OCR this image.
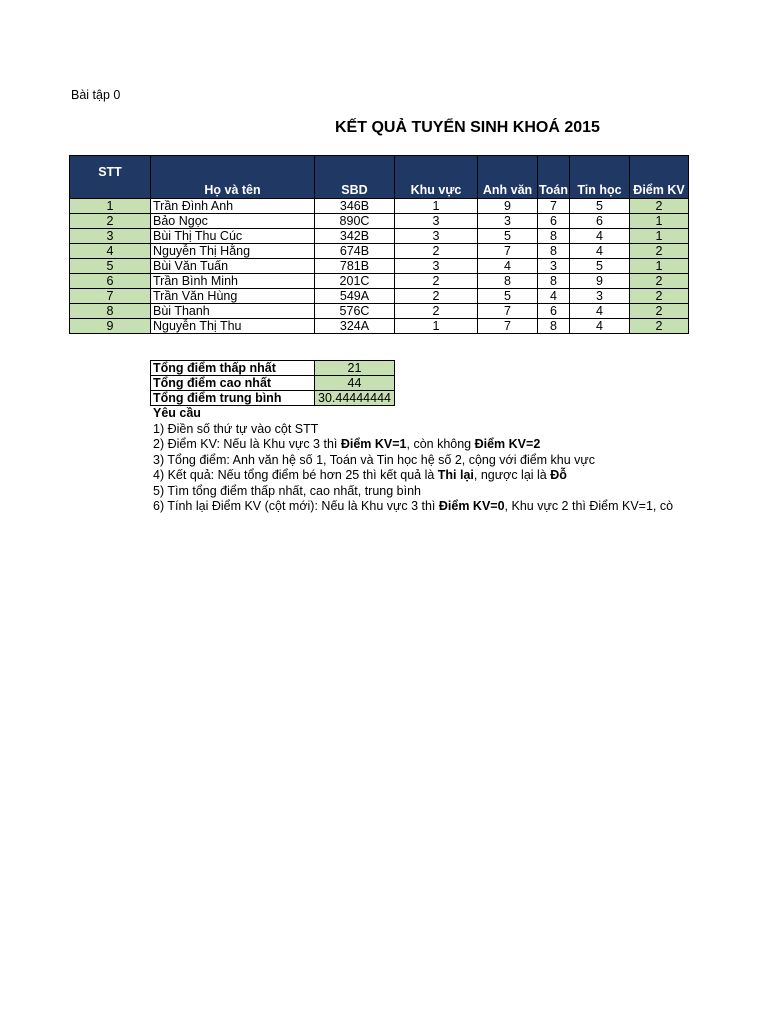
Bài tập 0
KẾT QUẢ TUYỂN SINH KHOÁ 2015
STT	Họ và tên	SBD	Khu vực	Anh văn	Toán	Tin học	Điểm KV
1	Trần Đình Anh	346B	1	9	7	5	2
2	Bảo Ngọc	890C	3	3	6	6	1
3	Bùi Thị Thu Cúc	342B	3	5	8	4	1
4	Nguyễn Thị Hằng	674B	2	7	8	4	2
5	Bùi Văn Tuấn	781B	3	4	3	5	1
6	Trần Bình Minh	201C	2	8	8	9	2
7	Trần Văn Hùng	549A	2	5	4	3	2
8	Bùi Thanh	576C	2	7	6	4	2
9	Nguyễn Thị Thu	324A	1	7	8	4	2
Tổng điểm thấp nhất	21
Tổng điểm cao nhất	44
Tổng điểm trung bình	30.44444444
Yêu cầu
1) Điền số thứ tự vào cột STT
2) Điểm KV: Nếu là Khu vực 3 thì Điểm KV=1, còn không Điểm KV=2
3) Tổng điểm: Anh văn hệ số 1, Toán và Tin học hệ số 2, cộng với điểm khu vực
4) Kết quả: Nếu tổng điểm bé hơn 25 thì kết quả là Thi lại, ngược lại là Đỗ
5) Tìm tổng điểm thấp nhất, cao nhất, trung bình
6) Tính lại Điểm KV (cột mới): Nếu là Khu vực 3 thì Điểm KV=0, Khu vực 2 thì Điểm KV=1, cò
